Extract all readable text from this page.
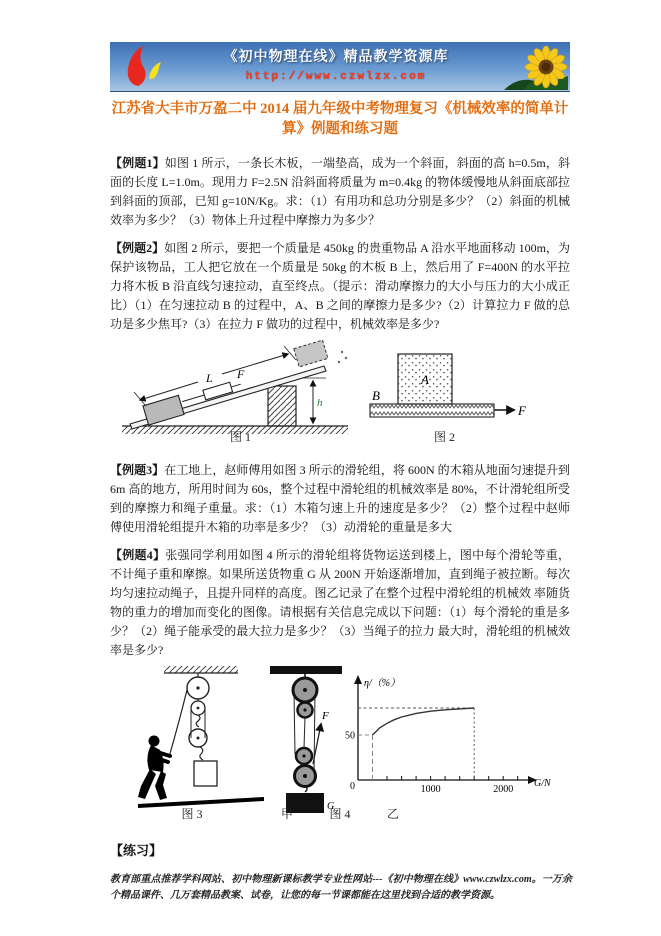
《初中物理在线》精品教学资源库
http://www.czwlzx.com
江苏省大丰市万盈二中 2014 届九年级中考物理复习《机械效率的简单计算》例题和练习题

【例题1】如图 1 所示，一条长木板，一端垫高，成为一个斜面，斜面的高 h=0.5m，斜面的长度 L=1.0m。现用力 F=2.5N 沿斜面将质量为 m=0.4kg 的物体缓慢地从斜面底部拉到斜面的顶部，已知 g=10N/Kg。求：（1）有用功和总功分别是多少？（2）斜面的机械效率为多少？（3）物体上升过程中摩擦力为多少？

【例题2】如图 2 所示，要把一个质量是 450kg 的贵重物品 A 沿水平地面移动 100m，为保护该物品，工人把它放在一个质量是 50kg 的木板 B 上，然后用了 F=400N 的水平拉力将木板 B 沿直线匀速拉动，直至终点。（提示：滑动摩擦力的大小与压力的大小成正比）（1）在匀速拉动 B 的过程中，A、B 之间的摩擦力是多少?（2）计算拉力 F 做的总功是多少焦耳?（3）在拉力 F 做功的过程中，机械效率是多少?

F
L
h
图 1
A
B
F
图 2

【例题3】在工地上，赵师傅用如图 3 所示的滑轮组，将 600N 的木箱从地面匀速提升到 6m 高的地方，所用时间为 60s，整个过程中滑轮组的机械效率是 80%，不计滑轮组所受到的摩擦力和绳子重量。求：（1）木箱匀速上升的速度是多少？（2）整个过程中赵师傅使用滑轮组提升木箱的功率是多少？（3）动滑轮的重量是多大

【例题4】张强同学利用如图 4 所示的滑轮组将货物运送到楼上，图中每个滑轮等重，不计绳子重和摩擦。如果所送货物重 G 从 200N 开始逐渐增加，直到绳子被拉断。每次均匀速拉动绳子，且提升同样的高度。图乙记录了在整个过程中滑轮组的机械效 率随货物的重力的增加而变化的图像。请根据有关信息完成以下问题：（1）每个滑轮的重是多少？（2）绳子能承受的最大拉力是多少？（3）当绳子的拉力 最大时，滑轮组的机械效率是多少?

F
G
η/（%）
G/N
0
50
1000	2000
图 3	甲	图 4	乙
【练习】
教育部重点推荐学科网站、初中物理新课标教学专业性网站---《初中物理在线》www.czwlzx.com。一万余个精品课件、几万套精品教案、试卷，让您的每一节课都能在这里找到合适的教学资源。
